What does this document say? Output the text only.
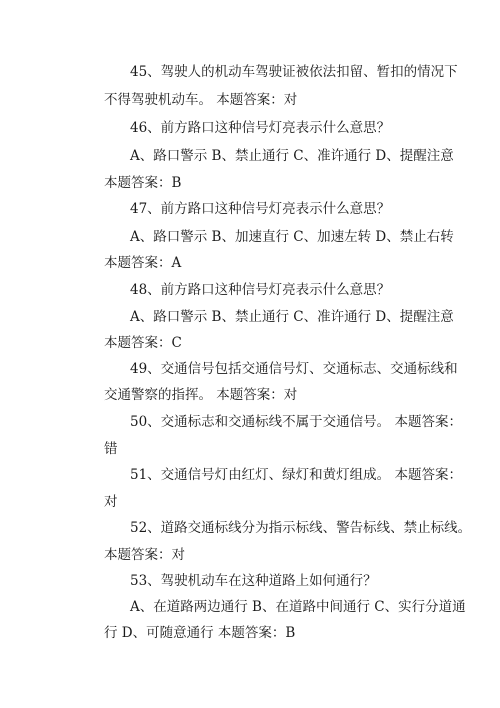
45、驾驶人的机动车驾驶证被依法扣留、暂扣的情况下
不得驾驶机动车。 本题答案：对
46、前方路口这种信号灯亮表示什么意思？
A、路口警示 B、禁止通行 C、准许通行 D、提醒注意
本题答案：B
47、前方路口这种信号灯亮表示什么意思？
A、路口警示 B、加速直行 C、加速左转 D、禁止右转
本题答案：A
48、前方路口这种信号灯亮表示什么意思？
A、路口警示 B、禁止通行 C、准许通行 D、提醒注意
本题答案：C
49、交通信号包括交通信号灯、交通标志、交通标线和
交通警察的指挥。 本题答案：对
50、交通标志和交通标线不属于交通信号。 本题答案：
错
51、交通信号灯由红灯、绿灯和黄灯组成。 本题答案：
对
52、道路交通标线分为指示标线、警告标线、禁止标线。
本题答案：对
53、驾驶机动车在这种道路上如何通行？
A、在道路两边通行 B、在道路中间通行 C、实行分道通
行 D、可随意通行 本题答案：B
